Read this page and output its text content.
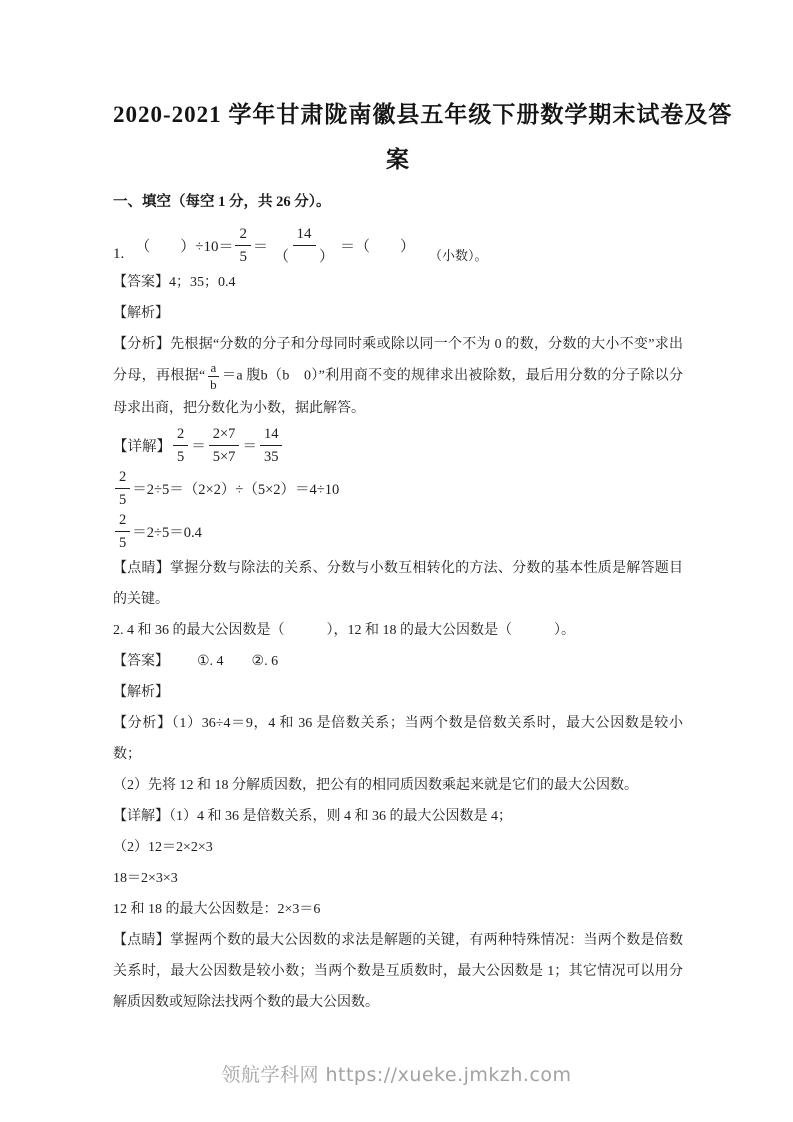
2020-2021 学年甘肃陇南徽县五年级下册数学期末试卷及答
案
一、填空（每空 1 分，共 26 分）。
1. （　　）$\div 10= \frac{2}{5} = \frac{14}{( )}$ ＝（　　）
（小数）。

【答案】4；35；0.4

【解析】

【分析】先根据“分数的分子和分母同时乘或除以同一个不为 0 的数，分数的大小不变”求出分母，再根据“ $\frac{a}{b} =a$ 腹b（b　0）”利用商不变的规律求出被除数，最后用分数的分子除以分母求出商，把分数化为小数，据此解答。

【详解】 $\frac{2}{5} = \frac{2\times 7}{5\times 7} = \frac{14}{35}$
$\frac{2}{5} =2\div 5=(2\times 2)\div(5\times 2)=4\div 10$
$\frac{2}{5} =2\div 5=0.4$

【点睛】掌握分数与除法的关系、分数与小数互相转化的方法、分数的基本性质是解答题目的关键。

2. 4 和 36 的最大公因数是（　　　），12 和 18 的最大公因数是（　　　）。

【答案】 ①. 4　　②. 6

【解析】

【分析】（1）36÷4＝9，4 和 36 是倍数关系；当两个数是倍数关系时，最大公因数是较小数；

（2）先将 12 和 18 分解质因数，把公有的相同质因数乘起来就是它们的最大公因数。

【详解】（1）4 和 36 是倍数关系，则 4 和 36 的最大公因数是 4；

（2）12＝2×2×3

18＝2×3×3

12 和 18 的最大公因数是：2×3＝6

【点睛】掌握两个数的最大公因数的求法是解题的关键，有两种特殊情况：当两个数是倍数关系时，最大公因数是较小数；当两个数是互质数时，最大公因数是 1；其它情况可以用分解质因数或短除法找两个数的最大公因数。

领航学科网 https://xueke.jmkzh.com
